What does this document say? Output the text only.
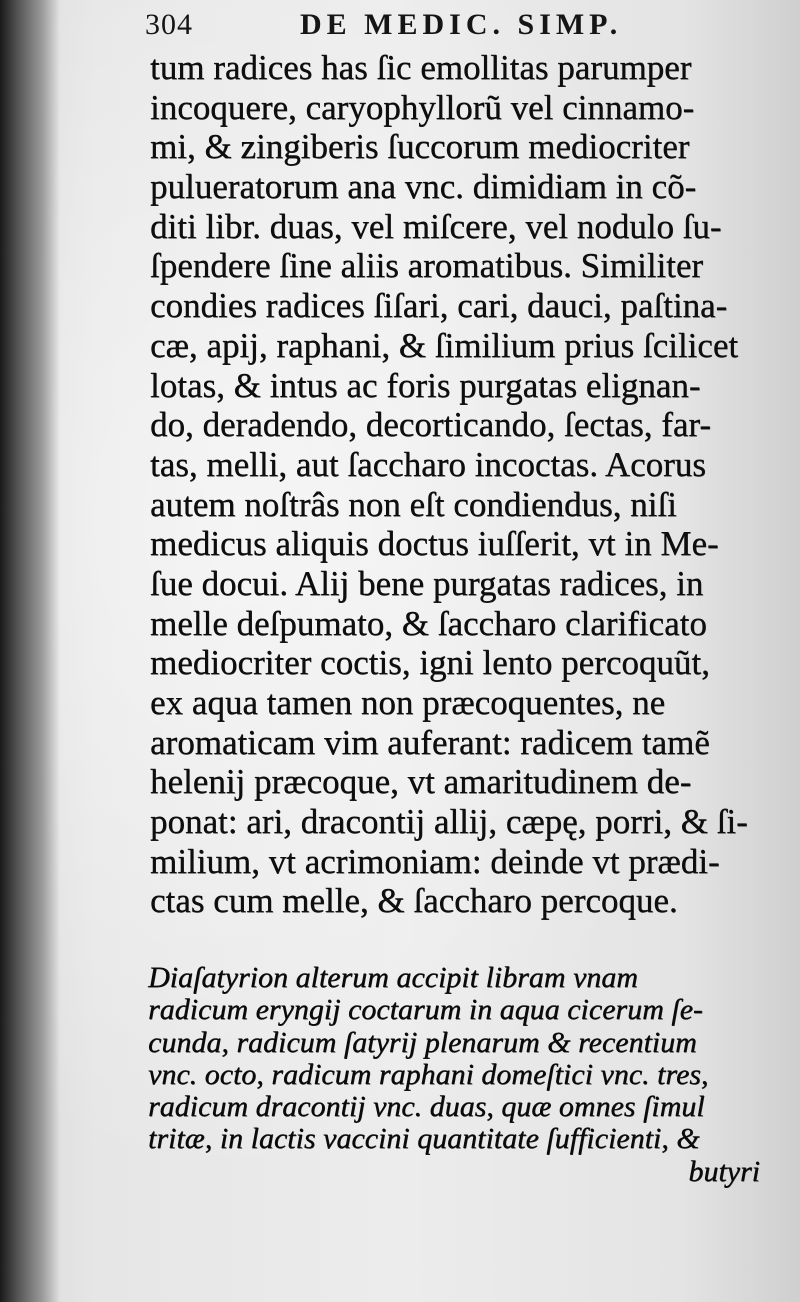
304	DE MEDIC. SIMP.
tum radices has ſic emollitas parumper
incoquere, caryophyllorũ vel cinnamo-
mi, & zingiberis ſuccorum mediocriter
pulueratorum ana vnc. dimidiam in cõ-
diti libr. duas, vel miſcere, vel nodulo ſu-
ſpendere ſine aliis aromatibus. Similiter
condies radices ſiſari, cari, dauci, paſtina-
cæ, apij, raphani, & ſimilium prius ſcilicet
lotas, & intus ac foris purgatas elignan-
do, deradendo, decorticando, ſectas, far-
tas, melli, aut ſaccharo incoctas. Acorus
autem noſtrâs non eſt condiendus, niſi
medicus aliquis doctus iuſſerit, vt in Me-
ſue docui. Alij bene purgatas radices, in
melle deſpumato, & ſaccharo clarificato
mediocriter coctis, igni lento percoquũt,
ex aqua tamen non præcoquentes, ne
aromaticam vim auferant: radicem tamẽ
helenij præcoque, vt amaritudinem de-
ponat: ari, dracontij allij, cæpę, porri, & ſi-
milium, vt acrimoniam: deinde vt prædi-
ctas cum melle, & ſaccharo percoque.
Diaſatyrion alterum accipit libram vnam
radicum eryngij coctarum in aqua cicerum ſe-
cunda, radicum ſatyrij plenarum & recentium
vnc. octo, radicum raphani domeſtici vnc. tres,
radicum dracontij vnc. duas, quæ omnes ſimul
tritæ, in lactis vaccini quantitate ſufficienti, &
butyri
